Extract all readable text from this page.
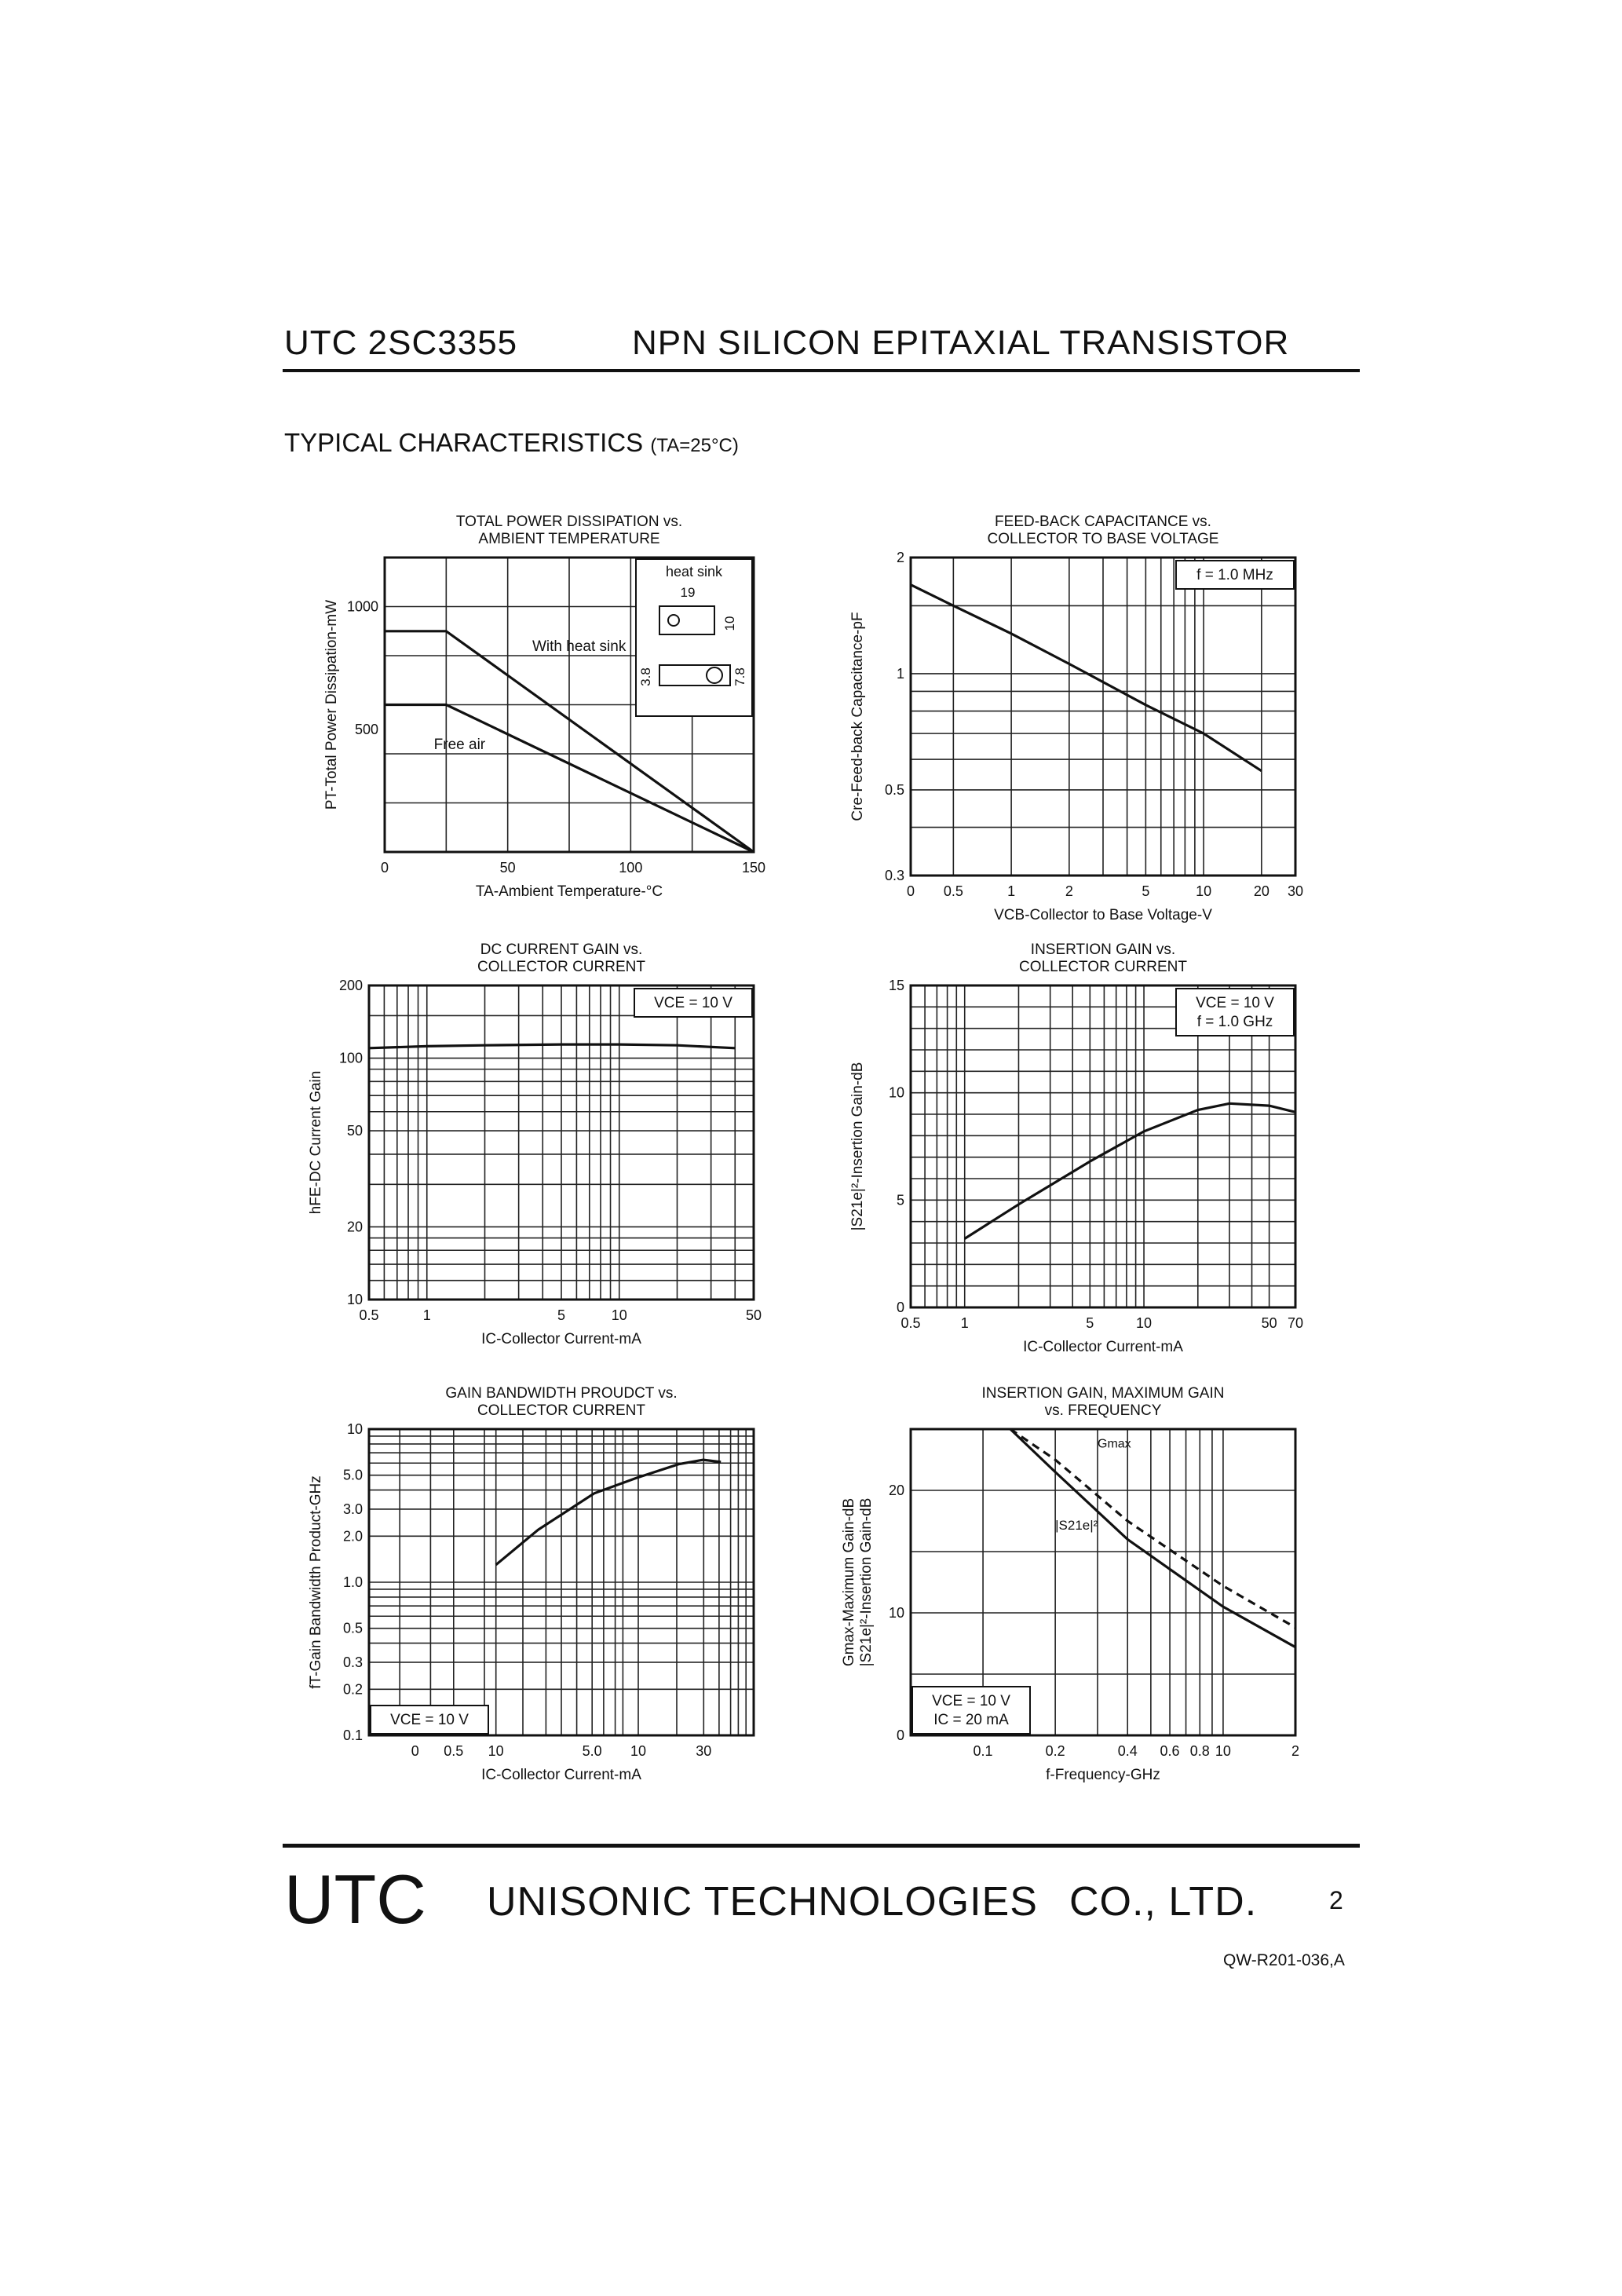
UTC 2SC3355	NPN SILICON EPITAXIAL TRANSISTOR
TYPICAL CHARACTERISTICS (TA=25°C)
TOTAL POWER DISSIPATION vs.
AMBIENT TEMPERATURE
0	50	100	150
500
1000
TA-Ambient Temperature-°C
PT-Total Power Dissipation-mW
heat sink
19
10
3.8	7.8
With heat sink
Free air
FEED-BACK CAPACITANCE vs.
COLLECTOR TO BASE VOLTAGE
0 0.5	1	2	5	10	20 30
0.3
0.5
1
2
VCB-Collector to Base Voltage-V
Cre-Feed-back Capacitance-pF
f = 1.0 MHz
DC CURRENT GAIN vs.
COLLECTOR CURRENT
0.5	1	5	10	50
10
20
50
100
200
IC-Collector Current-mA
hFE-DC Current Gain
VCE = 10 V
INSERTION GAIN vs.
COLLECTOR CURRENT
0.5	1	5	10	50 70
0
5
10
15
IC-Collector Current-mA
|S21e|²-Insertion Gain-dB
VCE = 10 V
f = 1.0 GHz
GAIN BANDWIDTH PROUDCT vs.
COLLECTOR CURRENT
0 0.5 10	5.0 10	30
0.1
0.2
0.3
0.5
1.0
2.0
3.0
5.0
10
IC-Collector Current-mA
fT-Gain Bandwidth Product-GHz
VCE = 10 V
INSERTION GAIN, MAXIMUM GAIN
vs. FREQUENCY
0.1	0.2	0.4 0.6 0.8 10	2
0
10
20
f-Frequency-GHz
Gmax-Maximum Gain-dB |S21e|²-Insertion Gain-dB
VCE = 10 V
IC = 20 mA
Gmax
|S21e|²
UTC UNISONIC TECHNOLOGIES CO., LTD.	2
QW-R201-036,A
